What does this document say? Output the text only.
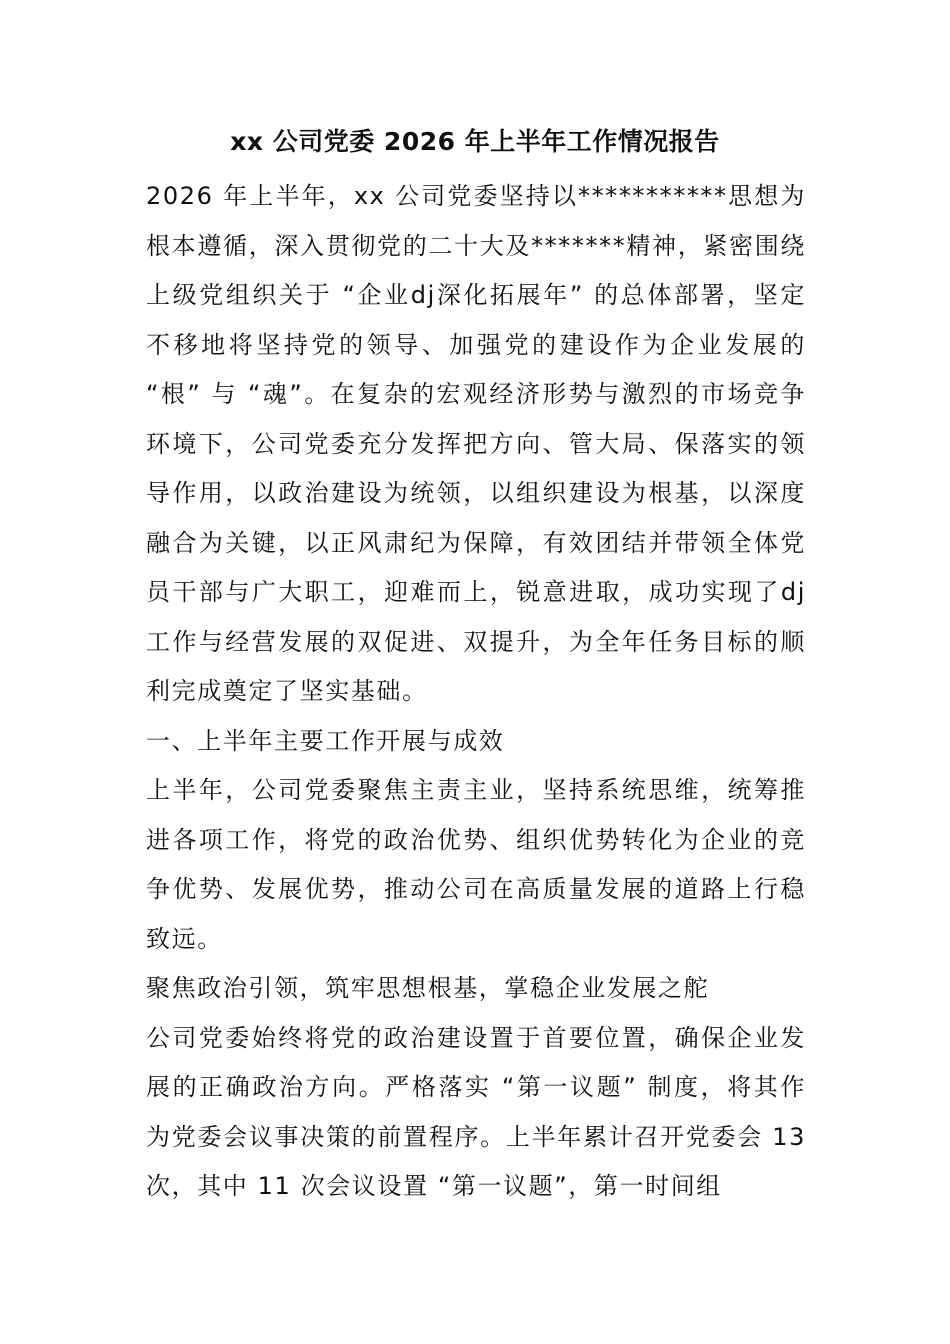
xx 公司党委 2026 年上半年工作情况报告

2026 年上半年，xx 公司党委坚持以***********思想为根本遵循，深入贯彻党的二十大及*******精神，紧密围绕上级党组织关于 “企业dj深化拓展年” 的总体部署，坚定不移地将坚持党的领导、加强党的建设作为企业发展的 “根” 与 “魂”。在复杂的宏观经济形势与激烈的市场竞争环境下，公司党委充分发挥把方向、管大局、保落实的领导作用，以政治建设为统领，以组织建设为根基，以深度融合为关键，以正风肃纪为保障，有效团结并带领全体党员干部与广大职工，迎难而上，锐意进取，成功实现了dj工作与经营发展的双促进、双提升，为全年任务目标的顺利完成奠定了坚实基础。

一、上半年主要工作开展与成效

上半年，公司党委聚焦主责主业，坚持系统思维，统筹推进各项工作，将党的政治优势、组织优势转化为企业的竞争优势、发展优势，推动公司在高质量发展的道路上行稳致远。

聚焦政治引领，筑牢思想根基，掌稳企业发展之舵

公司党委始终将党的政治建设置于首要位置，确保企业发展的正确政治方向。严格落实 “第一议题” 制度，将其作为党委会议事决策的前置程序。上半年累计召开党委会 13 次，其中 11 次会议设置 “第一议题”，第一时间组
